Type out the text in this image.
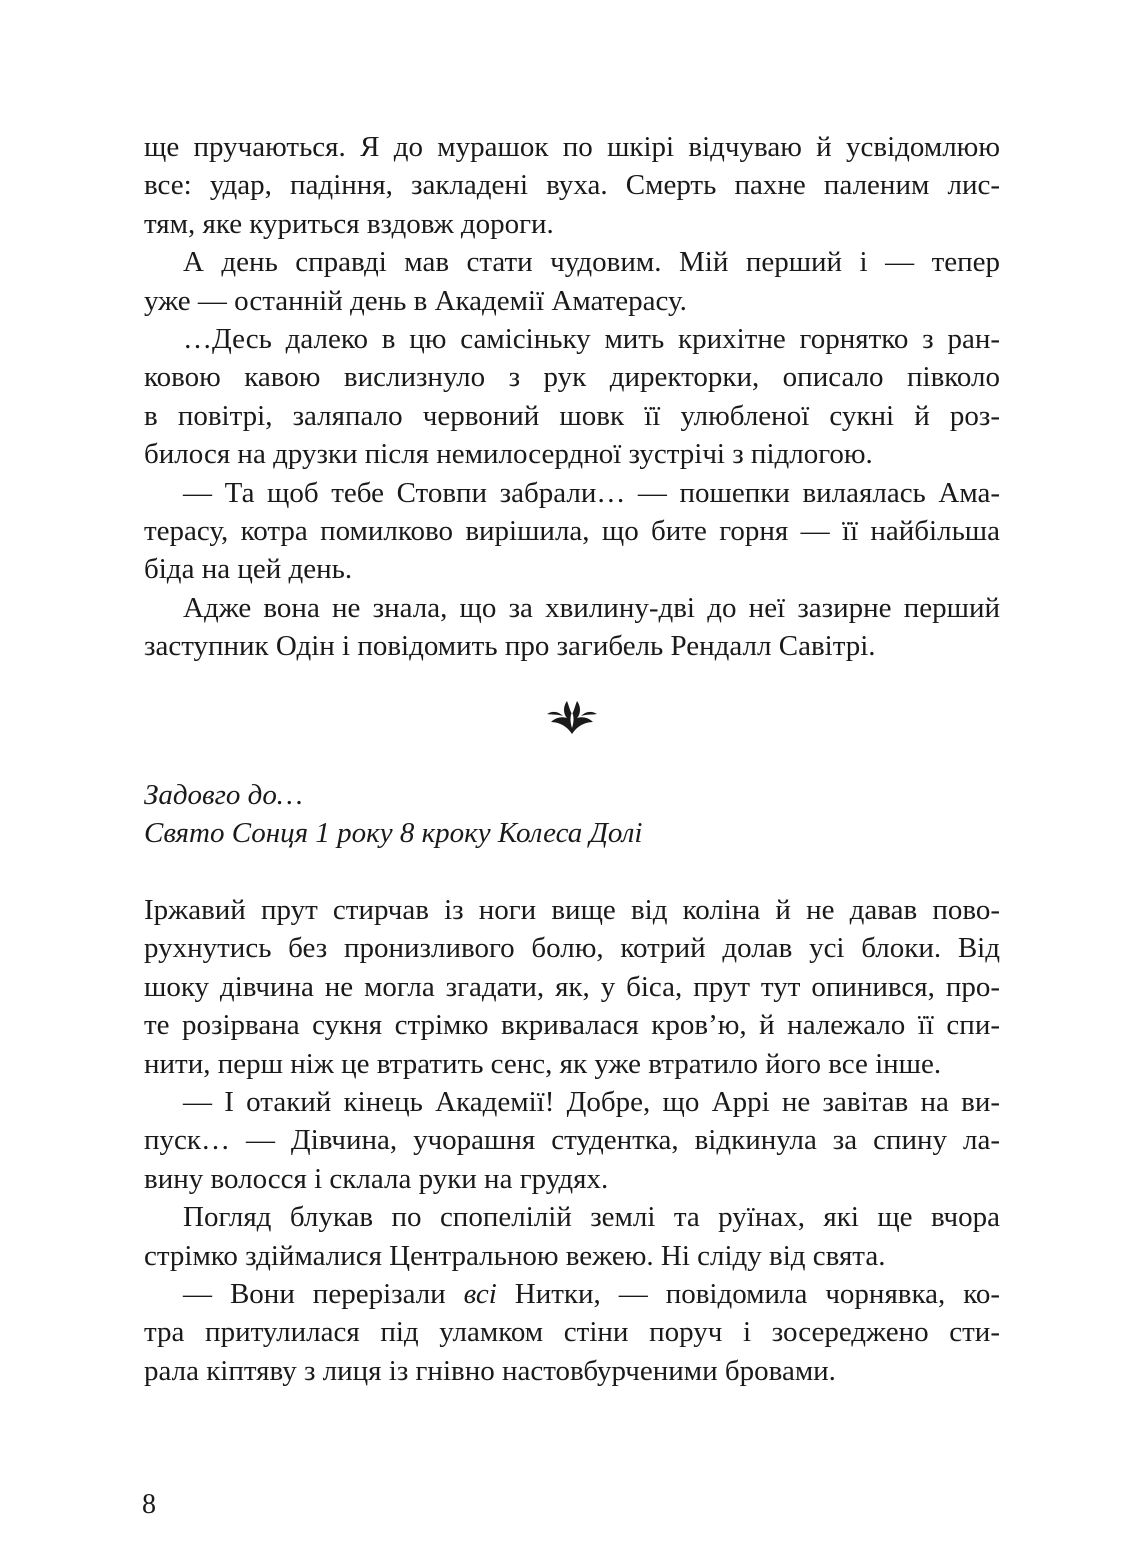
ще пручаються. Я до мурашок по шкірі відчуваю й усвідомлюю
все: удар, падіння, закладені вуха. Смерть пахне паленим лис-
тям, яке куриться вздовж дороги.
А день справді мав стати чудовим. Мій перший і — тепер
уже — останній день в Академії Аматерасу.
…Десь далеко в цю самісіньку мить крихітне горнятко з ран-
ковою кавою вислизнуло з рук директорки, описало півколо
в повітрі, заляпало червоний шовк її улюбленої сукні й роз-
билося на друзки після немилосердної зустрічі з підлогою.
— Та щоб тебе Стовпи забрали… — пошепки вилаялась Ама-
терасу, котра помилково вирішила, що бите горня — її найбільша
біда на цей день.
Адже вона не знала, що за хвилину-дві до неї зазирне перший
заступник Одін і повідомить про загибель Рендалл Савітрі.
Задовго до…
Свято Сонця 1 року 8 кроку Колеса Долі
Іржавий прут стирчав із ноги вище від коліна й не давав пово-
рухнутись без пронизливого болю, котрий долав усі блоки. Від
шоку дівчина не могла згадати, як, у біса, прут тут опинився, про-
те розірвана сукня стрімко вкривалася кров’ю, й належало її спи-
нити, перш ніж це втратить сенс, як уже втратило його все інше.
— І отакий кінець Академії! Добре, що Аррі не завітав на ви-
пуск… — Дівчина, учорашня студентка, відкинула за спину ла-
вину волосся і склала руки на грудях.
Погляд блукав по спопелілій землі та руїнах, які ще вчора
стрімко здіймалися Центральною вежею. Ні сліду від свята.
— Вони перерізали всі Нитки, — повідомила чорнявка, ко-
тра притулилася під уламком стіни поруч і зосереджено сти-
рала кіптяву з лиця із гнівно настовбурченими бровами.
8
